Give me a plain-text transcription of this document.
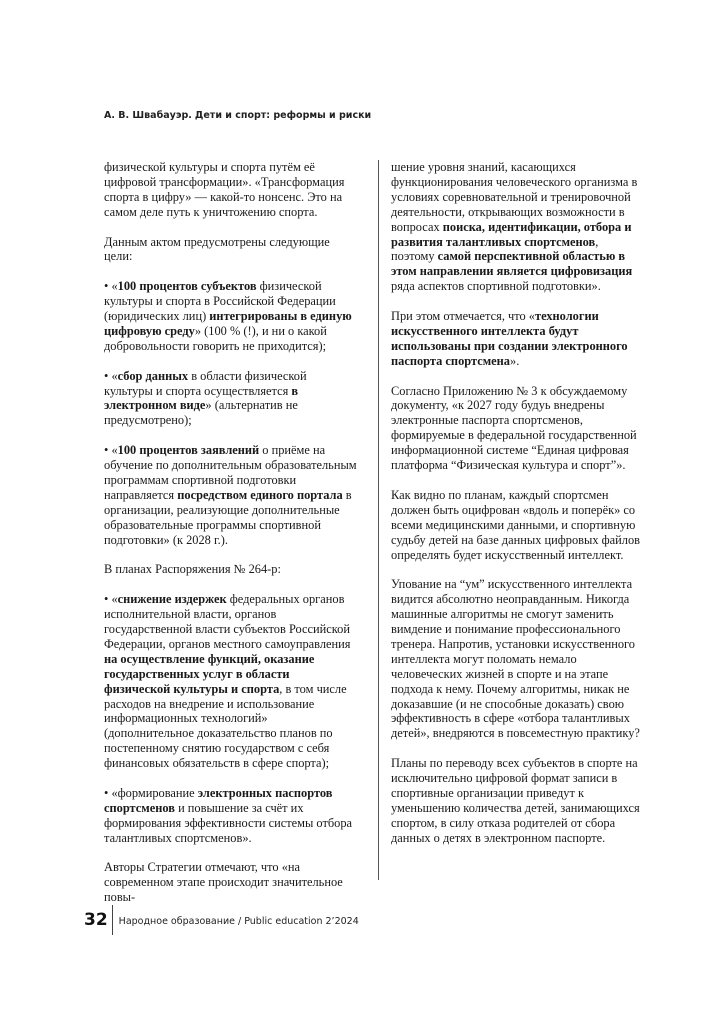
А. В. Швабауэр. Дети и спорт: реформы и риски

физической культуры и спорта путём её цифровой трансформации». «Трансформация спорта в цифру» — какой-то нонсенс. Это на самом деле путь к уничтожению спорта.

Данным актом предусмотрены следующие цели:

• «100 процентов субъектов физической культуры и спорта в Российской Федерации (юридических лиц) интегрированы в единую цифровую среду» (100 % (!), и ни о какой добровольности говорить не приходится);

• «сбор данных в области физической культуры и спорта осуществляется в электронном виде» (альтернатив не предусмотрено);

• «100 процентов заявлений о приёме на обучение по дополнительным образовательным программам спортивной подготовки направляется посредством единого портала в организации, реализующие дополнительные образовательные программы спортивной подготовки» (к 2028 г.).

В планах Распоряжения № 264-р:

• «снижение издержек федеральных органов исполнительной власти, органов государственной власти субъектов Российской Федерации, органов местного самоуправления на осуществление функций, оказание государственных услуг в области физической культуры и спорта, в том числе расходов на внедрение и использование информационных технологий» (дополнительное доказательство планов по постепенному снятию государством с себя финансовых обязательств в сфере спорта);

• «формирование электронных паспортов спортсменов и повышение за счёт их формирования эффективности системы отбора талантливых спортсменов».

Авторы Стратегии отмечают, что «на современном этапе происходит значительное повы-

шение уровня знаний, касающихся функционирования человеческого организма в условиях соревновательной и тренировочной деятельности, открывающих возможности в вопросах поиска, идентификации, отбора и развития талантливых спортсменов, поэтому самой перспективной областью в этом направлении является цифровизация ряда аспектов спортивной подготовки».

При этом отмечается, что «технологии искусственного интеллекта будут использованы при создании электронного паспорта спортсмена».

Согласно Приложению № 3 к обсуждаемому документу, «к 2027 году будуь внедрены электронные паспорта спортсменов, формируемые в федеральной государственной информационной системе “Единая цифровая платформа “Физическая культура и спорт”».

Как видно по планам, каждый спортсмен должен быть оцифрован «вдоль и поперёк» со всеми медицинскими данными, и спортивную судьбу детей на базе данных цифровых файлов определять будет искусственный интеллект.

Упование на “ум” искусственного интеллекта видится абсолютно неоправданным. Никогда машинные алгоритмы не смогут заменить вимдение и понимание профессионального тренера. Напротив, установки искусственного интеллекта могут поломать немало человеческих жизней в спорте и на этапе подхода к нему. Почему алгоритмы, никак не доказавшие (и не способные доказать) свою эффективность в сфере «отбора талантливых детей», внедряются в повсеместную практику?

Планы по переводу всех субъектов в спорте на исключительно цифровой формат записи в спортивные организации приведут к уменьшению количества детей, занимающихся спортом, в силу отказа родителей от сбора данных о детях в электронном паспорте.

32 Народное образование / Public education 2’2024
